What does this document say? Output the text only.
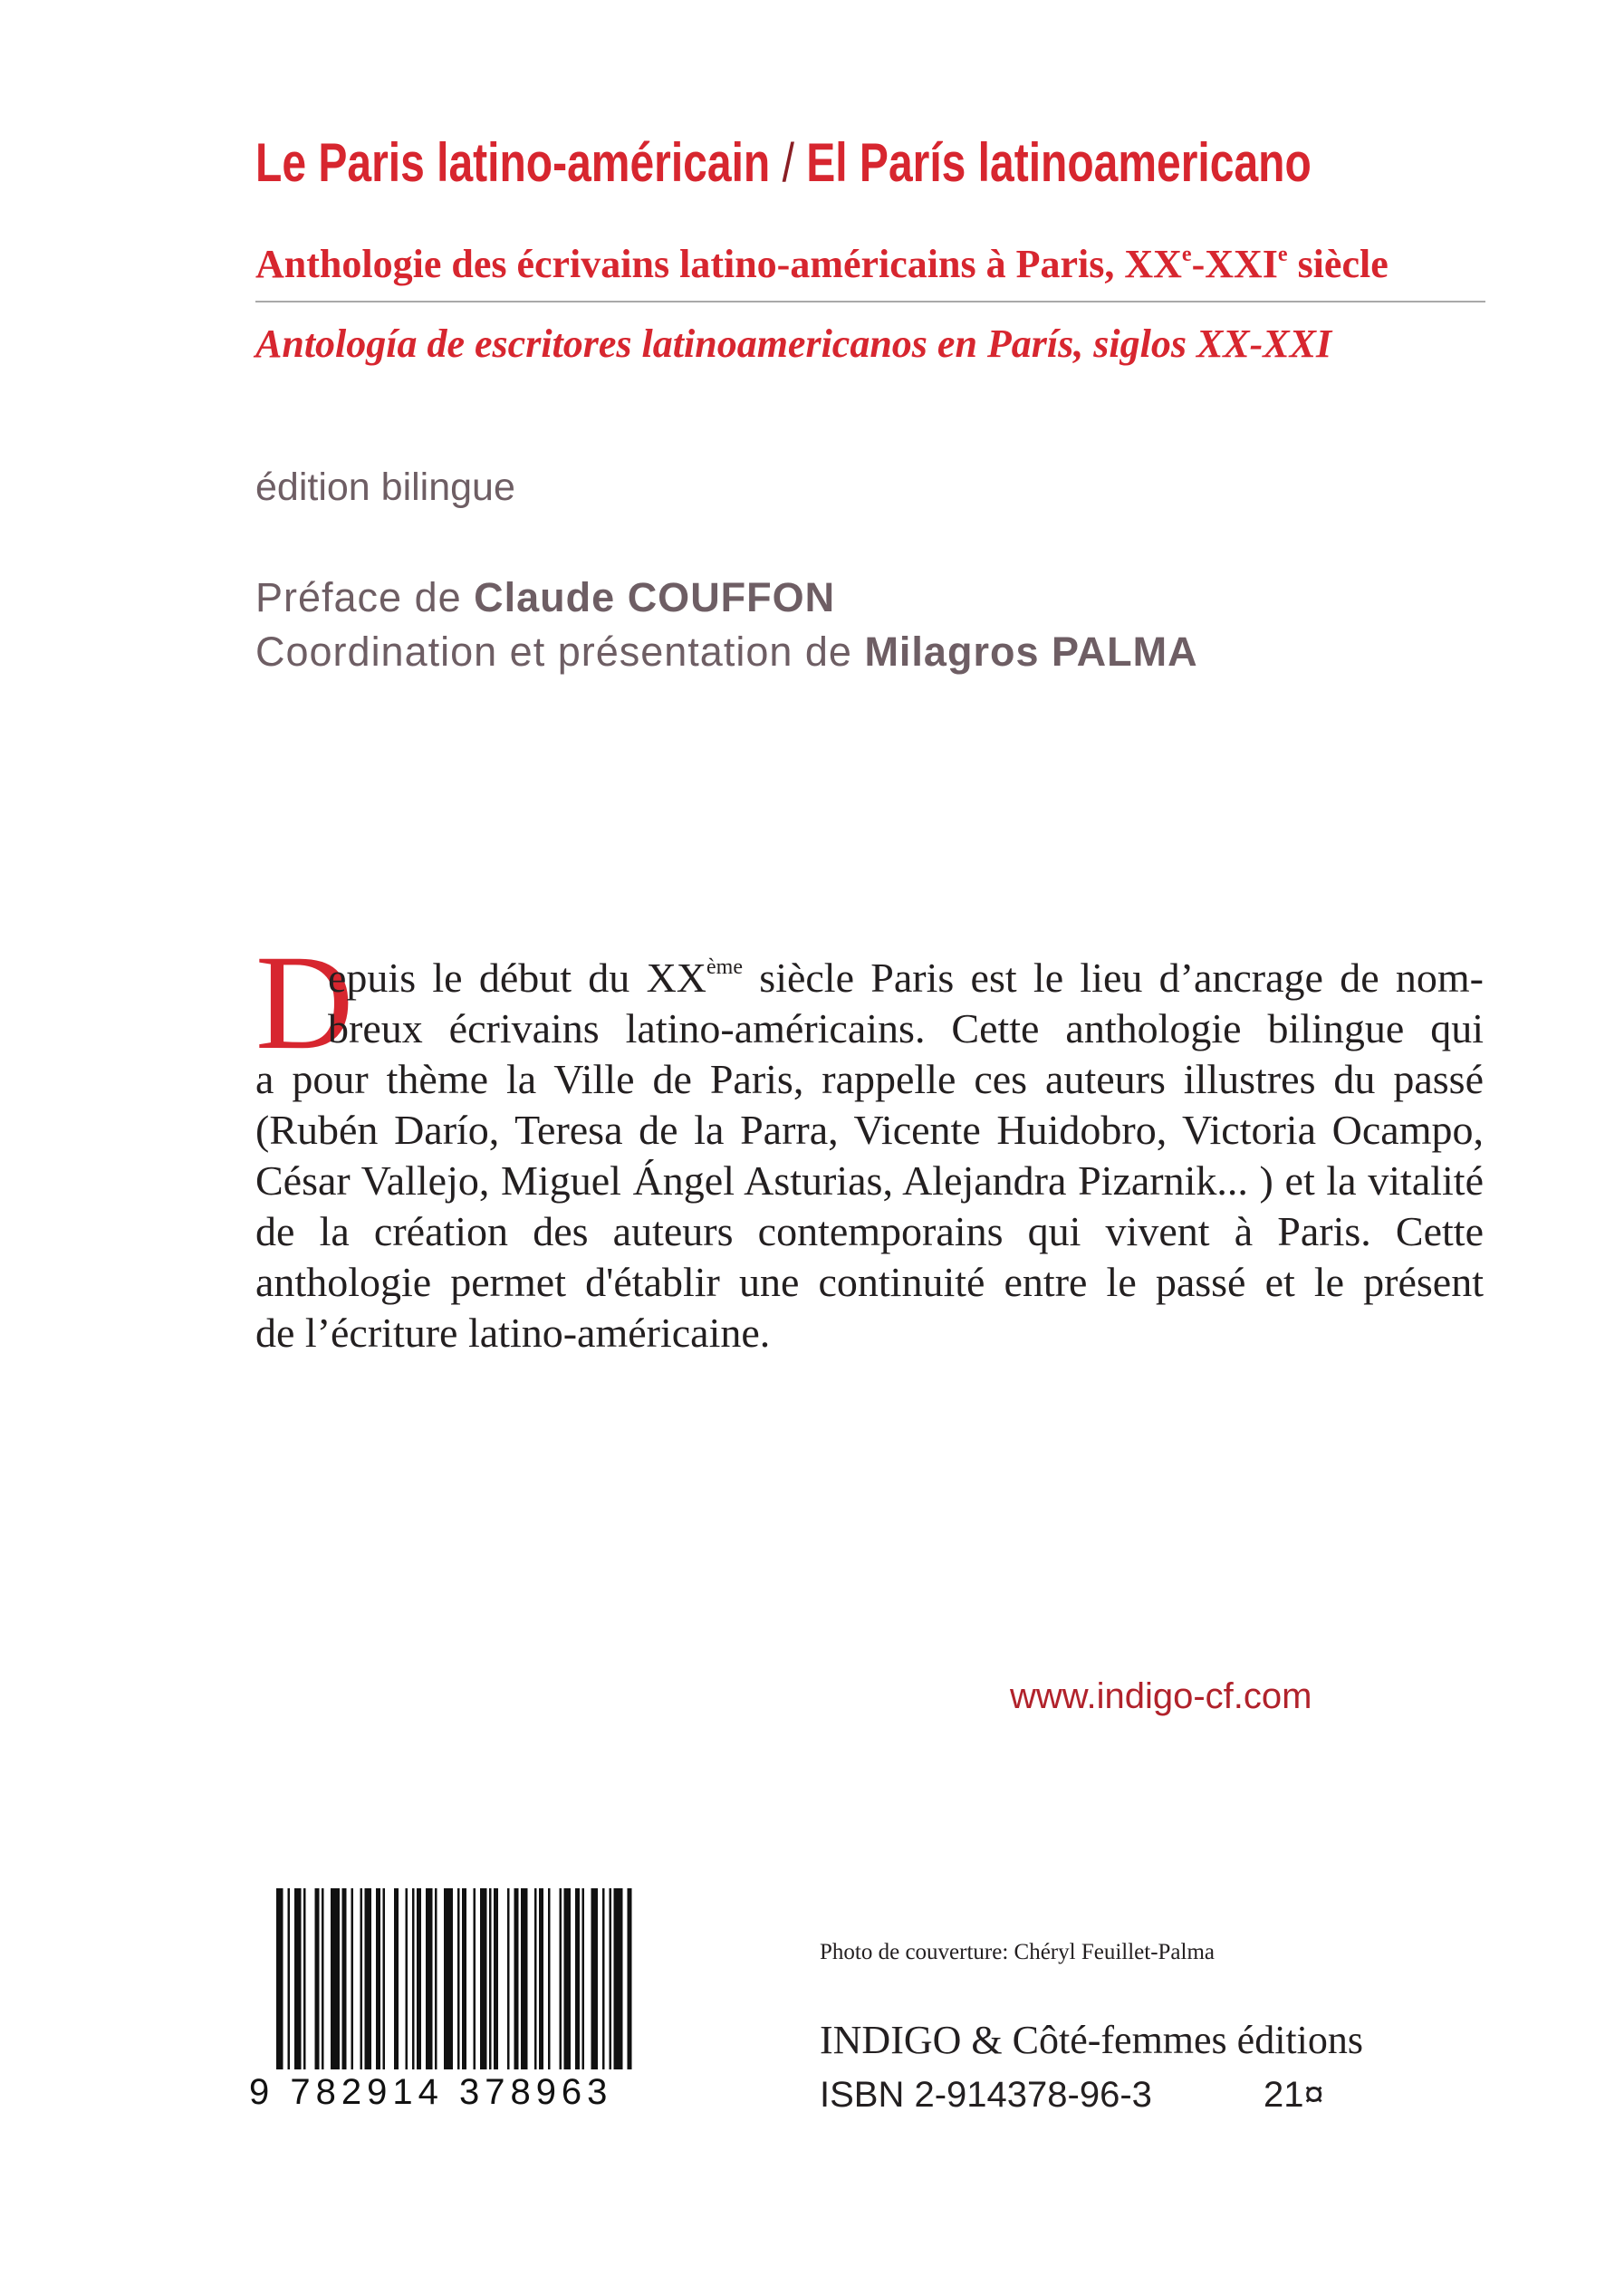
Le Paris latino-américain / El París latinoamericano
Anthologie des écrivains latino-américains à Paris, XXe-XXIe siècle
Antología de escritores latinoamericanos en París, siglos XX-XXI
édition bilingue
Préface de Claude COUFFON
Coordination et présentation de Milagros PALMA
D
epuis le début du XXème siècle Paris est le lieu d’ancrage de nom-
breux écrivains latino-américains. Cette anthologie bilingue qui
a pour thème la Ville de Paris, rappelle ces auteurs illustres du passé
(Rubén Darío, Teresa de la Parra, Vicente Huidobro, Victoria Ocampo,
César Vallejo, Miguel Ángel Asturias, Alejandra Pizarnik... ) et la vitalité
de la création des auteurs contemporains qui vivent à Paris. Cette
anthologie permet d'établir une continuité entre le passé et le présent
de l’écriture latino-américaine.
www.indigo-cf.com
9 782914 378963
Photo de couverture: Chéryl Feuillet-Palma
INDIGO & Côté-femmes éditions
ISBN 2-914378-96-3	21¤
